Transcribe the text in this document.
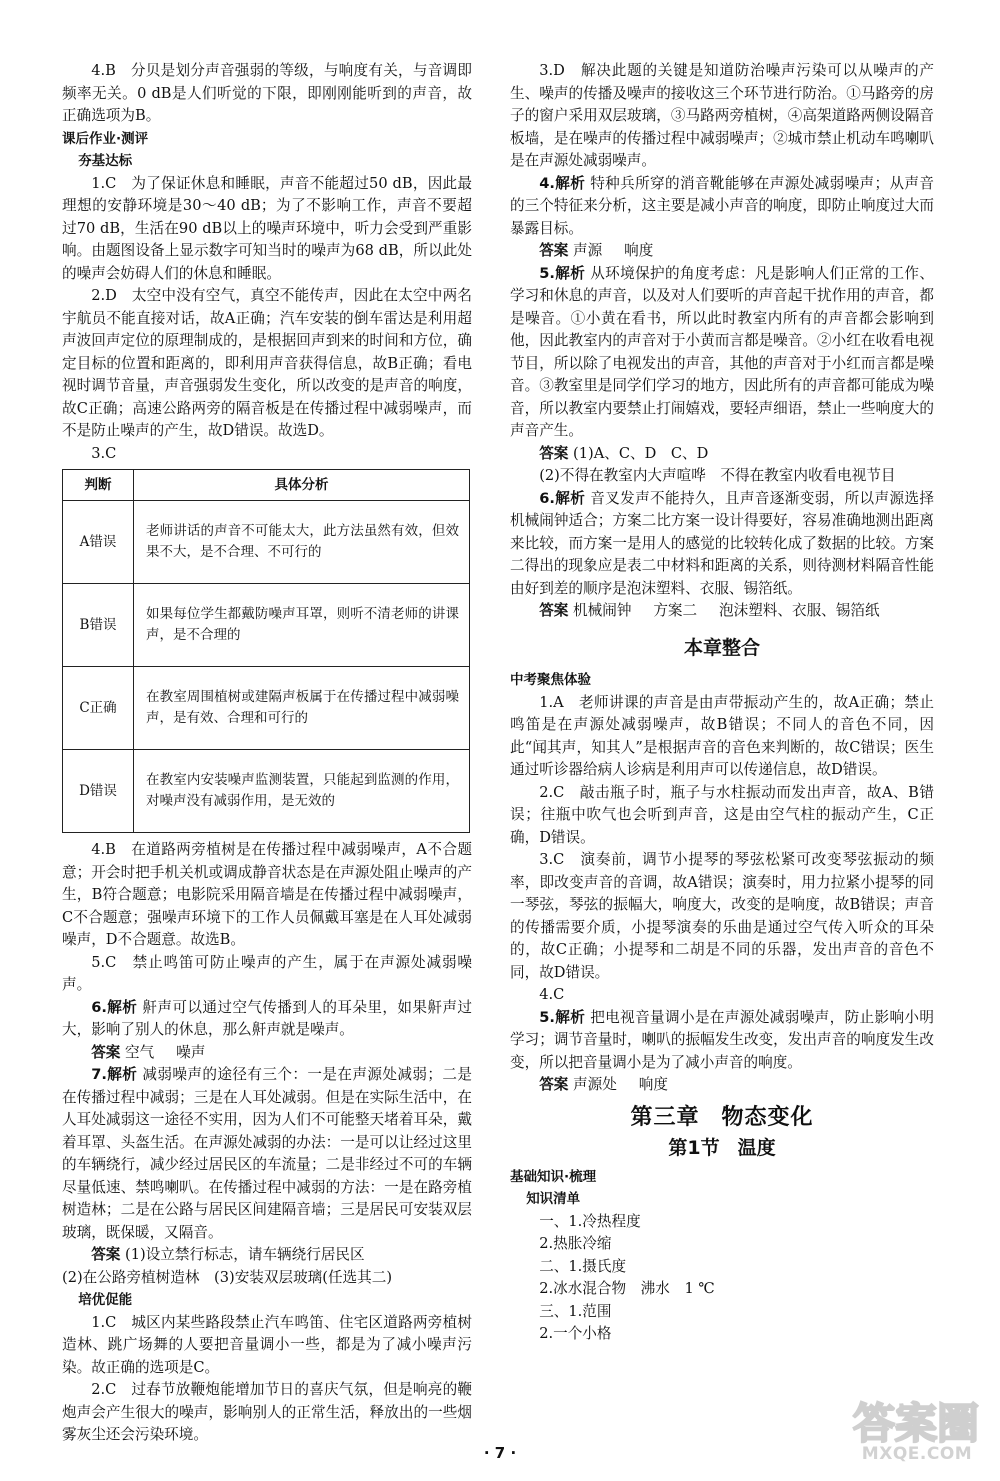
4.B　分贝是划分声音强弱的等级，与响度有关，与音调即频率无关。0 dB是人们听觉的下限，即刚刚能听到的声音，故正确选项为B。

课后作业·测评

夯基达标

1.C　为了保证休息和睡眠，声音不能超过50 dB，因此最理想的安静环境是30～40 dB；为了不影响工作，声音不要超过70 dB，生活在90 dB以上的噪声环境中，听力会受到严重影响。由题图设备上显示数字可知当时的噪声为68 dB，所以此处的噪声会妨碍人们的休息和睡眠。

2.D　太空中没有空气，真空不能传声，因此在太空中两名宇航员不能直接对话，故A正确；汽车安装的倒车雷达是利用超声波回声定位的原理制成的，是根据回声到来的时间和方位，确定目标的位置和距离的，即利用声音获得信息，故B正确；看电视时调节音量，声音强弱发生变化，所以改变的是声音的响度，故C正确；高速公路两旁的隔音板是在传播过程中减弱噪声，而不是防止噪声的产生，故D错误。故选D。

3.C

判断	具体分析
A错误	老师讲话的声音不可能太大，此方法虽然有效，但效果不大，是不合理、不可行的
B错误	如果每位学生都戴防噪声耳罩，则听不清老师的讲课声，是不合理的
C正确	在教室周围植树或建隔声板属于在传播过程中减弱噪声，是有效、合理和可行的
D错误	在教室内安装噪声监测装置，只能起到监测的作用，对噪声没有减弱作用，是无效的

4.B　在道路两旁植树是在传播过程中减弱噪声，A不合题意；开会时把手机关机或调成静音状态是在声源处阻止噪声的产生，B符合题意；电影院采用隔音墙是在传播过程中减弱噪声，C不合题意；强噪声环境下的工作人员佩戴耳塞是在人耳处减弱噪声，D不合题意。故选B。

5.C　禁止鸣笛可防止噪声的产生，属于在声源处减弱噪声。

6.解析 鼾声可以通过空气传播到人的耳朵里，如果鼾声过大，影响了别人的休息，那么鼾声就是噪声。

答案 空气 噪声

7.解析 减弱噪声的途径有三个：一是在声源处减弱；二是在传播过程中减弱；三是在人耳处减弱。但是在实际生活中，在人耳处减弱这一途径不实用，因为人们不可能整天堵着耳朵，戴着耳罩、头盔生活。在声源处减弱的办法：一是可以让经过这里的车辆绕行，减少经过居民区的车流量；二是非经过不可的车辆尽量低速、禁鸣喇叭。在传播过程中减弱的方法：一是在路旁植树造林；二是在公路与居民区间建隔音墙；三是居民可安装双层玻璃，既保暖，又隔音。

答案 (1)设立禁行标志，请车辆绕行居民区

(2)在公路旁植树造林　(3)安装双层玻璃(任选其二)

培优促能

1.C　城区内某些路段禁止汽车鸣笛、住宅区道路两旁植树造林、跳广场舞的人要把音量调小一些，都是为了减小噪声污染。故正确的选项是C。

2.C　过春节放鞭炮能增加节日的喜庆气氛，但是响亮的鞭炮声会产生很大的噪声，影响别人的正常生活，释放出的一些烟雾灰尘还会污染环境。

3.D　解决此题的关键是知道防治噪声污染可以从噪声的产生、噪声的传播及噪声的接收这三个环节进行防治。①马路旁的房子的窗户采用双层玻璃，③马路两旁植树，④高架道路两侧设隔音板墙，是在噪声的传播过程中减弱噪声；②城市禁止机动车鸣喇叭是在声源处减弱噪声。

4.解析 特种兵所穿的消音靴能够在声源处减弱噪声；从声音的三个特征来分析，这主要是减小声音的响度，即防止响度过大而暴露目标。

答案 声源 响度

5.解析 从环境保护的角度考虑：凡是影响人们正常的工作、学习和休息的声音，以及对人们要听的声音起干扰作用的声音，都是噪音。①小黄在看书，所以此时教室内所有的声音都会影响到他，因此教室内的声音对于小黄而言都是噪音。②小红在收看电视节目，所以除了电视发出的声音，其他的声音对于小红而言都是噪音。③教室里是同学们学习的地方，因此所有的声音都可能成为噪音，所以教室内要禁止打闹嬉戏，要轻声细语，禁止一些响度大的声音产生。

答案 (1)A、C、D　C、D

(2)不得在教室内大声喧哗　不得在教室内收看电视节目

6.解析 音叉发声不能持久，且声音逐渐变弱，所以声源选择机械闹钟适合；方案二比方案一设计得要好，容易准确地测出距离来比较，而方案一是用人的感觉的比较转化成了数据的比较。方案二得出的现象应是表二中材料和距离的关系，则待测材料隔音性能由好到差的顺序是泡沫塑料、衣服、锡箔纸。

答案 机械闹钟 方案二 泡沫塑料、衣服、锡箔纸

本章整合

中考聚焦体验

1.A　老师讲课的声音是由声带振动产生的，故A正确；禁止鸣笛是在声源处减弱噪声，故B错误；不同人的音色不同，因此“闻其声，知其人”是根据声音的音色来判断的，故C错误；医生通过听诊器给病人诊病是利用声可以传递信息，故D错误。

2.C　敲击瓶子时，瓶子与水柱振动而发出声音，故A、B错误；往瓶中吹气也会听到声音，这是由空气柱的振动产生，C正确，D错误。

3.C　演奏前，调节小提琴的琴弦松紧可改变琴弦振动的频率，即改变声音的音调，故A错误；演奏时，用力拉紧小提琴的同一琴弦，琴弦的振幅大，响度大，改变的是响度，故B错误；声音的传播需要介质，小提琴演奏的乐曲是通过空气传入听众的耳朵的，故C正确；小提琴和二胡是不同的乐器，发出声音的音色不同，故D错误。

4.C

5.解析 把电视音量调小是在声源处减弱噪声，防止影响小明学习；调节音量时，喇叭的振幅发生改变，发出声音的响度发生改变，所以把音量调小是为了减小声音的响度。

答案 声源处 响度

第三章 物态变化
第1节 温度

基础知识·梳理

知识清单

一、1.冷热程度

2.热胀冷缩

二、1.摄氏度

2.冰水混合物　沸水　1 ℃

三、1.范围

2.一个小格

· 7 ·
答案圈
MXQE.COM
